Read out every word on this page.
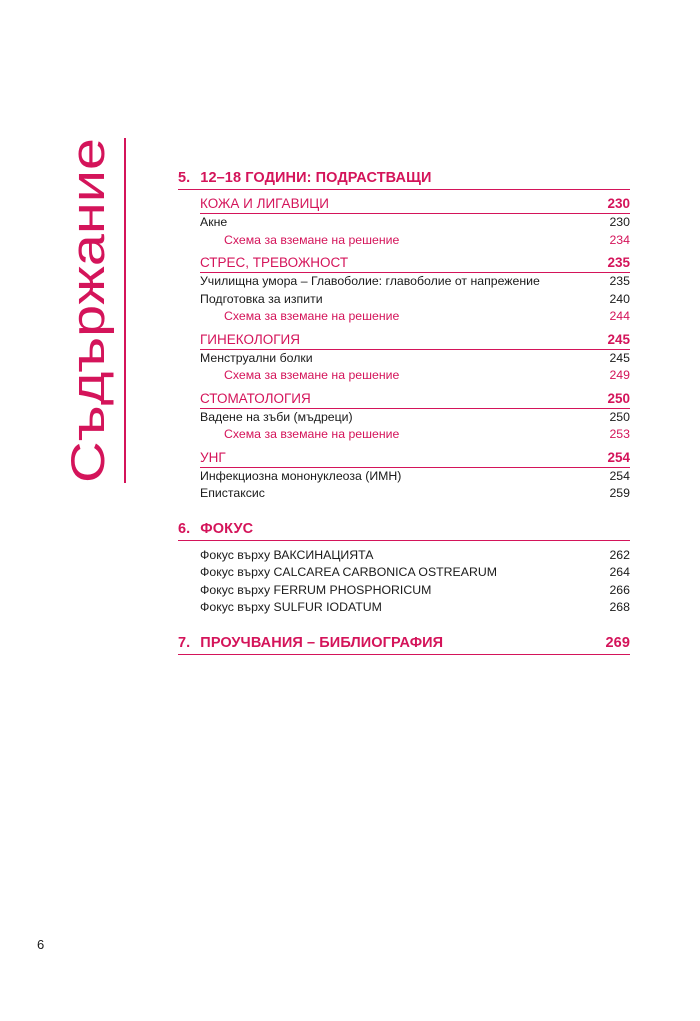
Съдържание
5. 12–18 ГОДИНИ: ПОДРАСТВАЩИ
КОЖА И ЛИГАВИЦИ	230
Акне	230
Схема за вземане на решение	234
СТРЕС, ТРЕВОЖНОСТ	235
Училищна умора – Главоболие: главоболие от напрежение	235
Подготовка за изпити	240
Схема за вземане на решение	244
ГИНЕКОЛОГИЯ	245
Менструални болки	245
Схема за вземане на решение	249
СТОМАТОЛОГИЯ	250
Вадене на зъби (мъдреци)	250
Схема за вземане на решение	253
УНГ	254
Инфекциозна мононуклеоза (ИМН)	254
Епистаксис	259
6. ФОКУС
Фокус върху ВАКСИНАЦИЯТА	262
Фокус върху CALCAREA CARBONICA OSTREARUM	264
Фокус върху FERRUM PHOSPHORICUM	266
Фокус върху SULFUR IODATUM	268
7. ПРОУЧВАНИЯ – БИБЛИОГРАФИЯ	269
6
